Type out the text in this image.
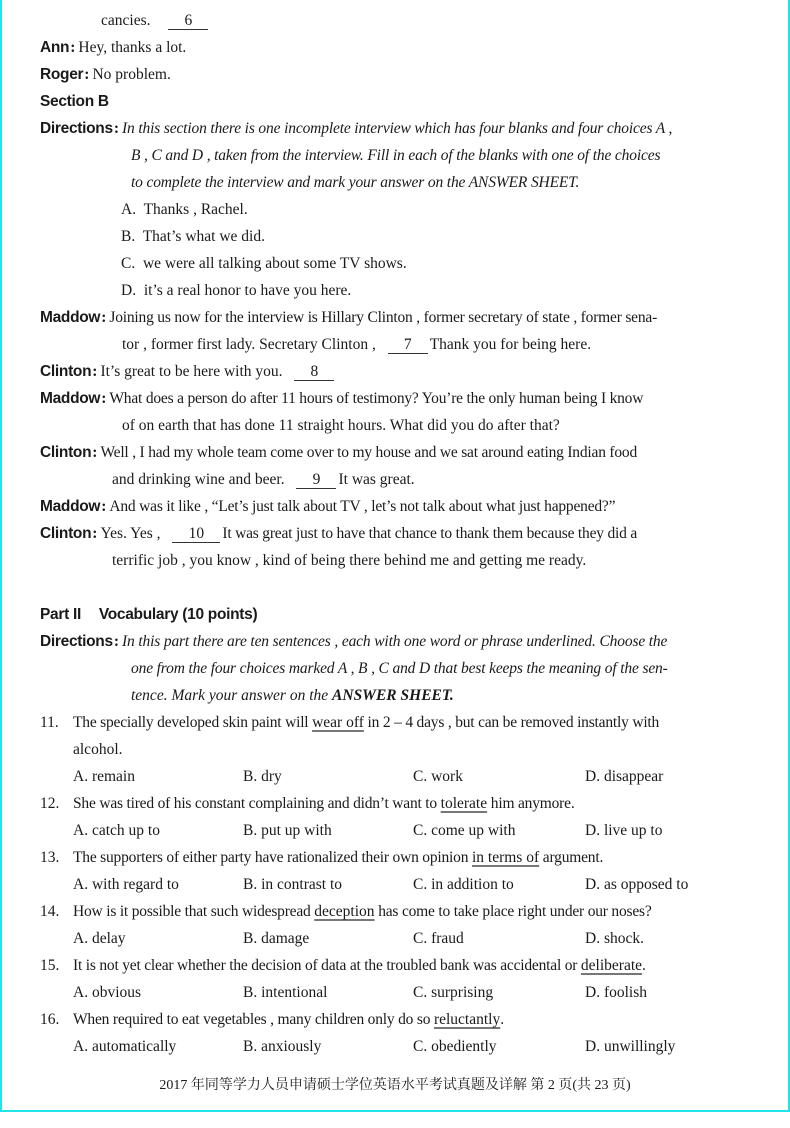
cancies. 6
Ann: Hey, thanks a lot.
Roger: No problem.
Section B
Directions: In this section there is one incomplete interview which has four blanks and four choices A ,
B , C and D , taken from the interview. Fill in each of the blanks with one of the choices
to complete the interview and mark your answer on the ANSWER SHEET.
A. Thanks , Rachel.
B. That’s what we did.
C. we were all talking about some TV shows.
D. it’s a real honor to have you here.
Maddow: Joining us now for the interview is Hillary Clinton , former secretary of state , former sena-
tor , former first lady. Secretary Clinton , 7 Thank you for being here.
Clinton: It’s great to be here with you. 8
Maddow: What does a person do after 11 hours of testimony? You’re the only human being I know
of on earth that has done 11 straight hours. What did you do after that?
Clinton: Well , I had my whole team come over to my house and we sat around eating Indian food
and drinking wine and beer. 9 It was great.
Maddow: And was it like , “Let’s just talk about TV , let’s not talk about what just happened?”
Clinton: Yes. Yes , 10 It was great just to have that chance to thank them because they did a
terrific job , you know , kind of being there behind me and getting me ready.
Part II Vocabulary (10 points)
Directions: In this part there are ten sentences , each with one word or phrase underlined. Choose the
one from the four choices marked A , B , C and D that best keeps the meaning of the sen-
tence. Mark your answer on the ANSWER SHEET.
11. The specially developed skin paint will wear off in 2 – 4 days , but can be removed instantly with
alcohol.
A. remain	B. dry	C. work	D. disappear
12. She was tired of his constant complaining and didn’t want to tolerate him anymore.
A. catch up to	B. put up with	C. come up with	D. live up to
13. The supporters of either party have rationalized their own opinion in terms of argument.
A. with regard to	B. in contrast to	C. in addition to	D. as opposed to
14. How is it possible that such widespread deception has come to take place right under our noses?
A. delay	B. damage	C. fraud	D. shock.
15. It is not yet clear whether the decision of data at the troubled bank was accidental or deliberate.
A. obvious	B. intentional	C. surprising	D. foolish
16. When required to eat vegetables , many children only do so reluctantly.
A. automatically	B. anxiously	C. obediently	D. unwillingly
2017 年同等学力人员申请硕士学位英语水平考试真题及详解 第 2 页(共 23 页)
